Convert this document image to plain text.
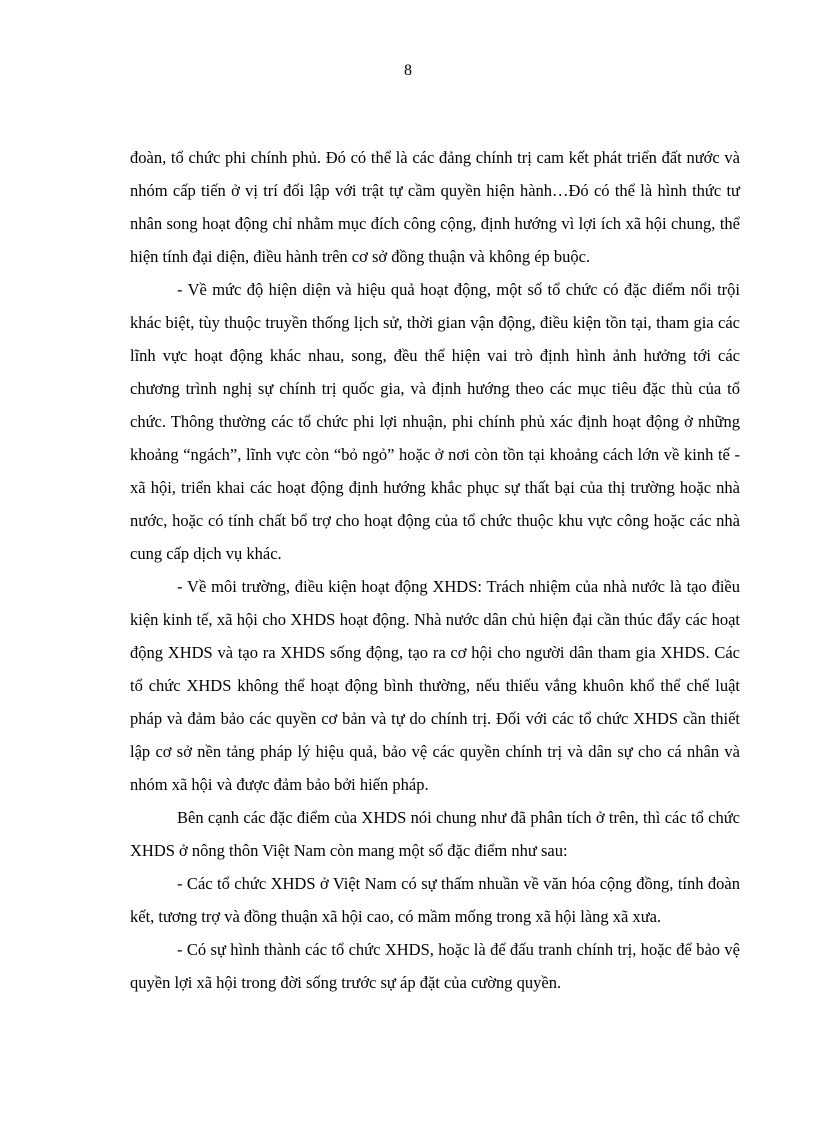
8

đoàn, tổ chức phi chính phủ. Đó có thể là các đảng chính trị cam kết phát triển đất nước và nhóm cấp tiến ở vị trí đối lập với trật tự cầm quyền hiện hành…Đó có thể là hình thức tư nhân song hoạt động chỉ nhằm mục đích công cộng, định hướng vì lợi ích xã hội chung, thể hiện tính đại diện, điều hành trên cơ sở đồng thuận và không ép buộc.

- Về mức độ hiện diện và hiệu quả hoạt động, một số tổ chức có đặc điểm nổi trội khác biệt, tùy thuộc truyền thống lịch sử, thời gian vận động, điều kiện tồn tại, tham gia các lĩnh vực hoạt động khác nhau, song, đều thể hiện vai trò định hình ảnh hưởng tới các chương trình nghị sự chính trị quốc gia, và định hướng theo các mục tiêu đặc thù của tổ chức. Thông thường các tổ chức phi lợi nhuận, phi chính phủ xác định hoạt động ở những khoảng “ngách”, lĩnh vực còn “bỏ ngỏ” hoặc ở nơi còn tồn tại khoảng cách lớn về kinh tế - xã hội, triển khai các hoạt động định hướng khắc phục sự thất bại của thị trường hoặc nhà nước, hoặc có tính chất bổ trợ cho hoạt động của tổ chức thuộc khu vực công hoặc các nhà cung cấp dịch vụ khác.

- Về môi trường, điều kiện hoạt động XHDS: Trách nhiệm của nhà nước là tạo điều kiện kinh tế, xã hội cho XHDS hoạt động. Nhà nước dân chủ hiện đại cần thúc đẩy các hoạt động XHDS và tạo ra XHDS sống động, tạo ra cơ hội cho người dân tham gia XHDS. Các tổ chức XHDS không thể hoạt động bình thường, nếu thiếu vắng khuôn khổ thể chế luật pháp và đảm bảo các quyền cơ bản và tự do chính trị. Đối với các tổ chức XHDS cần thiết lập cơ sở nền tảng pháp lý hiệu quả, bảo vệ các quyền chính trị và dân sự cho cá nhân và nhóm xã hội và được đảm bảo bởi hiến pháp.

Bên cạnh các đặc điểm của XHDS nói chung như đã phân tích ở trên, thì các tổ chức XHDS ở nông thôn Việt Nam còn mang một số đặc điểm như sau:

- Các tổ chức XHDS ở Việt Nam có sự thấm nhuần về văn hóa cộng đồng, tính đoàn kết, tương trợ và đồng thuận xã hội cao, có mầm mống trong xã hội làng xã xưa.

- Có sự hình thành các tổ chức XHDS, hoặc là để đấu tranh chính trị, hoặc để bảo vệ quyền lợi xã hội trong đời sống trước sự áp đặt của cường quyền.
